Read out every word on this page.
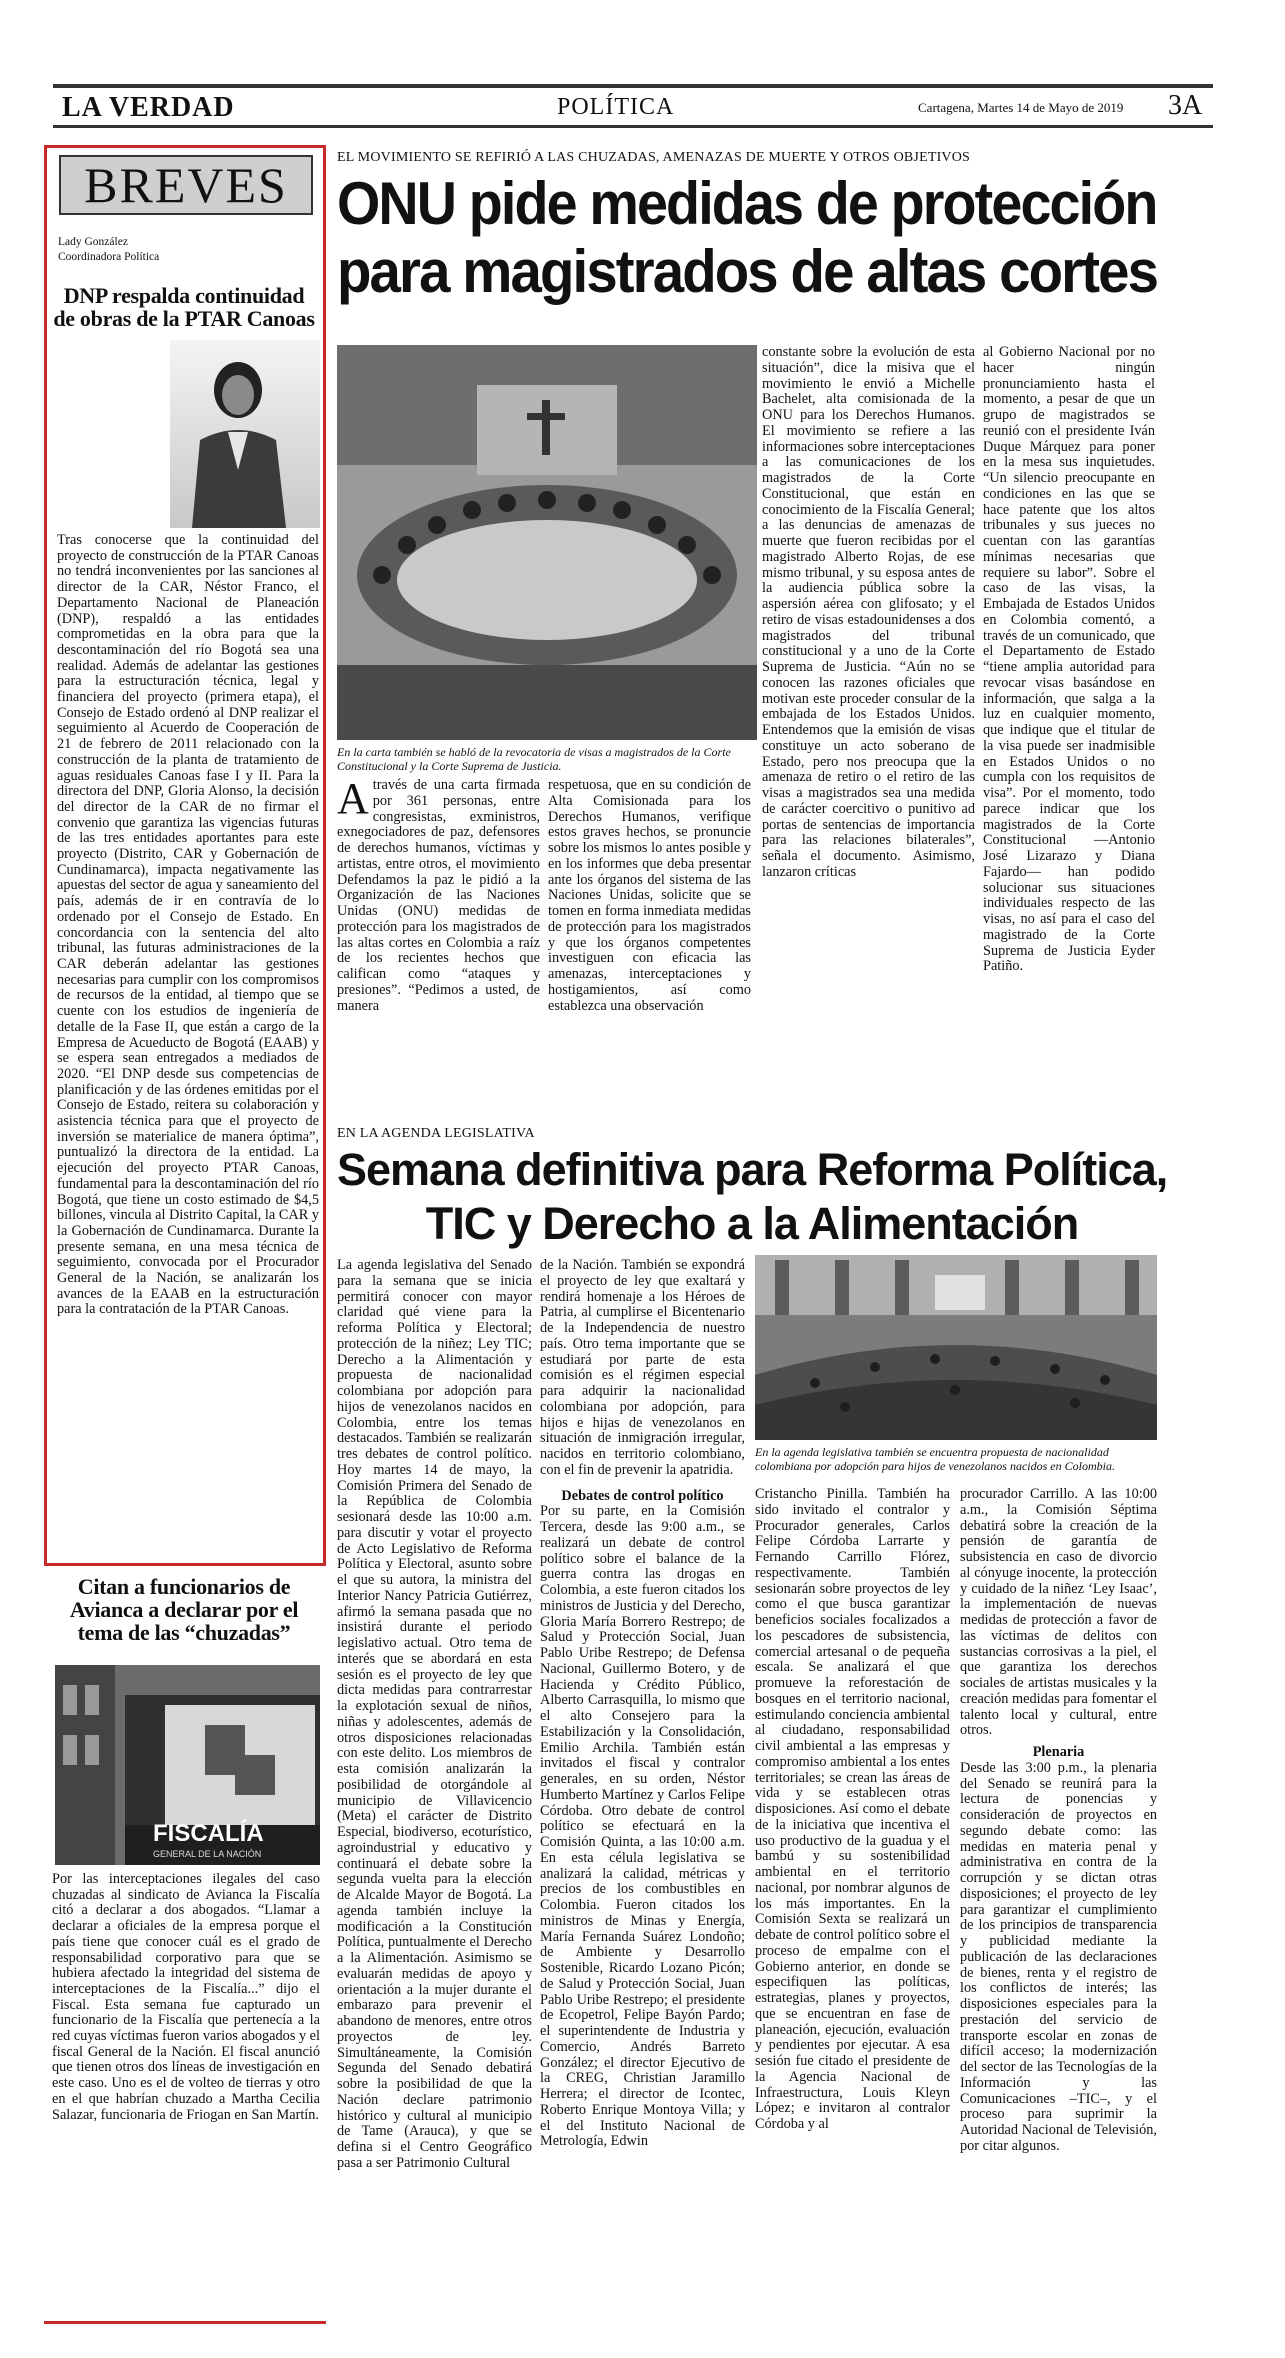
LA VERDAD	POLÍTICA	Cartagena, Martes 14 de Mayo de 2019 3A
BREVES
Lady González
Coordinadora Política
DNP respalda continuidad de obras de la PTAR Canoas
Tras conocerse que la continuidad del proyecto de construcción de la PTAR Canoas no tendrá inconvenientes por las sanciones al director de la CAR, Néstor Franco, el Departamento Nacional de Planeación (DNP), respaldó a las entidades comprometidas en la obra para que la descontaminación del río Bogotá sea una realidad. Además de adelantar las gestiones para la estructuración técnica, legal y financiera del proyecto (primera etapa), el Consejo de Estado ordenó al DNP realizar el seguimiento al Acuerdo de Cooperación de 21 de febrero de 2011 relacionado con la construcción de la planta de tratamiento de aguas residuales Canoas fase I y II. Para la directora del DNP, Gloria Alonso, la decisión del director de la CAR de no firmar el convenio que garantiza las vigencias futuras de las tres entidades aportantes para este proyecto (Distrito, CAR y Gobernación de Cundinamarca), impacta negativamente las apuestas del sector de agua y saneamiento del país, además de ir en contravía de lo ordenado por el Consejo de Estado. En concordancia con la sentencia del alto tribunal, las futuras administraciones de la CAR deberán adelantar las gestiones necesarias para cumplir con los compromisos de recursos de la entidad, al tiempo que se cuente con los estudios de ingeniería de detalle de la Fase II, que están a cargo de la Empresa de Acueducto de Bogotá (EAAB) y se espera sean entregados a mediados de 2020. “El DNP desde sus competencias de planificación y de las órdenes emitidas por el Consejo de Estado, reitera su colaboración y asistencia técnica para que el proyecto de inversión se materialice de manera óptima”, puntualizó la directora de la entidad. La ejecución del proyecto PTAR Canoas, fundamental para la descontaminación del río Bogotá, que tiene un costo estimado de $4,5 billones, vincula al Distrito Capital, la CAR y la Gobernación de Cundinamarca. Durante la presente semana, en una mesa técnica de seguimiento, convocada por el Procurador General de la Nación, se analizarán los avances de la EAAB en la estructuración para la contratación de la PTAR Canoas.
Citan a funcionarios de Avianca a declarar por el tema de las “chuzadas”
FISCALÍA
GENERAL DE LA NACIÓN
Por las interceptaciones ilegales del caso chuzadas al sindicato de Avianca la Fiscalía citó a declarar a dos abogados. “Llamar a declarar a oficiales de la empresa porque el país tiene que conocer cuál es el grado de responsabilidad corporativo para que se hubiera afectado la integridad del sistema de interceptaciones de la Fiscalía...” dijo el Fiscal. Esta semana fue capturado un funcionario de la Fiscalía que pertenecía a la red cuyas víctimas fueron varios abogados y el fiscal General de la Nación. El fiscal anunció que tienen otros dos líneas de investigación en este caso. Uno es el de volteo de tierras y otro en el que habrían chuzado a Martha Cecilia Salazar, funcionaria de Friogan en San Martín.
EL MOVIMIENTO SE REFIRIÓ A LAS CHUZADAS, AMENAZAS DE MUERTE Y OTROS OBJETIVOS
ONU pide medidas de protección
para magistrados de altas cortes
En la carta también se habló de la revocatoria de visas a magistrados de la Corte Constitucional y la Corte Suprema de Justicia.
Através de una carta firmada por 361 personas, entre congresistas, exministros, exnegociadores de paz, defensores de derechos humanos, víctimas y artistas, entre otros, el movimiento Defendamos la paz le pidió a la Organización de las Naciones Unidas (ONU) medidas de protección para los magistrados de las altas cortes en Colombia a raíz de los recientes hechos que califican como “ataques y presiones”. “Pedimos a usted, de manera
respetuosa, que en su condición de Alta Comisionada para los Derechos Humanos, verifique estos graves hechos, se pronuncie sobre los mismos lo antes posible y en los informes que deba presentar ante los órganos del sistema de las Naciones Unidas, solicite que se tomen en forma inmediata medidas de protección para los magistrados y que los órganos competentes investiguen con eficacia las amenazas, interceptaciones y hostigamientos, así como establezca una observación
constante sobre la evolución de esta situación”, dice la misiva que el movimiento le envió a Michelle Bachelet, alta comisionada de la ONU para los Derechos Humanos. El movimiento se refiere a las informaciones sobre interceptaciones a las comunicaciones de los magistrados de la Corte Constitucional, que están en conocimiento de la Fiscalía General; a las denuncias de amenazas de muerte que fueron recibidas por el magistrado Alberto Rojas, de ese mismo tribunal, y su esposa antes de la audiencia pública sobre la aspersión aérea con glifosato; y el retiro de visas estadounidenses a dos magistrados del tribunal constitucional y a uno de la Corte Suprema de Justicia. “Aún no se conocen las razones oficiales que motivan este proceder consular de la embajada de los Estados Unidos. Entendemos que la emisión de visas constituye un acto soberano de Estado, pero nos preocupa que la amenaza de retiro o el retiro de las visas a magistrados sea una medida de carácter coercitivo o punitivo ad portas de sentencias de importancia para las relaciones bilaterales”, señala el documento. Asimismo, lanzaron críticas
al Gobierno Nacional por no hacer ningún pronunciamiento hasta el momento, a pesar de que un grupo de magistrados se reunió con el presidente Iván Duque Márquez para poner en la mesa sus inquietudes. “Un silencio preocupante en condiciones en las que se hace patente que los altos tribunales y sus jueces no cuentan con las garantías mínimas necesarias que requiere su labor”. Sobre el caso de las visas, la Embajada de Estados Unidos en Colombia comentó, a través de un comunicado, que el Departamento de Estado “tiene amplia autoridad para revocar visas basándose en información, que salga a la luz en cualquier momento, que indique que el titular de la visa puede ser inadmisible en Estados Unidos o no cumpla con los requisitos de visa”. Por el momento, todo parece indicar que los magistrados de la Corte Constitucional —Antonio José Lizarazo y Diana Fajardo— han podido solucionar sus situaciones individuales respecto de las visas, no así para el caso del magistrado de la Corte Suprema de Justicia Eyder Patiño.
EN LA AGENDA LEGISLATIVA
Semana definitiva para Reforma Política,
TIC y Derecho a la Alimentación
En la agenda legislativa también se encuentra propuesta de nacionalidad colombiana por adopción para hijos de venezolanos nacidos en Colombia.
La agenda legislativa del Senado para la semana que se inicia permitirá conocer con mayor claridad qué viene para la reforma Política y Electoral; protección de la niñez; Ley TIC; Derecho a la Alimentación y propuesta de nacionalidad colombiana por adopción para hijos de venezolanos nacidos en Colombia, entre los temas destacados. También se realizarán tres debates de control político. Hoy martes 14 de mayo, la Comisión Primera del Senado de la República de Colombia sesionará desde las 10:00 a.m. para discutir y votar el proyecto de Acto Legislativo de Reforma Política y Electoral, asunto sobre el que su autora, la ministra del Interior Nancy Patricia Gutiérrez, afirmó la semana pasada que no insistirá durante el periodo legislativo actual. Otro tema de interés que se abordará en esta sesión es el proyecto de ley que dicta medidas para contrarrestar la explotación sexual de niños, niñas y adolescentes, además de otros disposiciones relacionadas con este delito. Los miembros de esta comisión analizarán la posibilidad de otorgándole al municipio de Villavicencio (Meta) el carácter de Distrito Especial, biodiverso, ecoturístico, agroindustrial y educativo y continuará el debate sobre la segunda vuelta para la elección de Alcalde Mayor de Bogotá. La agenda también incluye la modificación a la Constitución Política, puntualmente el Derecho a la Alimentación. Asimismo se evaluarán medidas de apoyo y orientación a la mujer durante el embarazo para prevenir el abandono de menores, entre otros proyectos de ley. Simultáneamente, la Comisión Segunda del Senado debatirá sobre la posibilidad de que la Nación declare patrimonio histórico y cultural al municipio de Tame (Arauca), y que se defina si el Centro Geográfico pasa a ser Patrimonio Cultural

de la Nación. También se expondrá el proyecto de ley que exaltará y rendirá homenaje a los Héroes de Patria, al cumplirse el Bicentenario de la Independencia de nuestro país. Otro tema importante que se estudiará por parte de esta comisión es el régimen especial para adquirir la nacionalidad colombiana por adopción, para hijos e hijas de venezolanos en situación de inmigración irregular, nacidos en territorio colombiano, con el fin de prevenir la apatridia.

Debates de control político

Por su parte, en la Comisión Tercera, desde las 9:00 a.m., se realizará un debate de control político sobre el balance de la guerra contra las drogas en Colombia, a este fueron citados los ministros de Justicia y del Derecho, Gloria María Borrero Restrepo; de Salud y Protección Social, Juan Pablo Uribe Restrepo; de Defensa Nacional, Guillermo Botero, y de Hacienda y Crédito Público, Alberto Carrasquilla, lo mismo que el alto Consejero para la Estabilización y la Consolidación, Emilio Archila. También están invitados el fiscal y contralor generales, en su orden, Néstor Humberto Martínez y Carlos Felipe Córdoba. Otro debate de control político se efectuará en la Comisión Quinta, a las 10:00 a.m. En esta célula legislativa se analizará la calidad, métricas y precios de los combustibles en Colombia. Fueron citados los ministros de Minas y Energía, María Fernanda Suárez Londoño; de Ambiente y Desarrollo Sostenible, Ricardo Lozano Picón; de Salud y Protección Social, Juan Pablo Uribe Restrepo; el presidente de Ecopetrol, Felipe Bayón Pardo; el superintendente de Industria y Comercio, Andrés Barreto González; el director Ejecutivo de la CREG, Christian Jaramillo Herrera; el director de Icontec, Roberto Enrique Montoya Villa; y el del Instituto Nacional de Metrología, Edwin

Cristancho Pinilla. También ha sido invitado el contralor y Procurador generales, Carlos Felipe Córdoba Larrarte y Fernando Carrillo Flórez, respectivamente. También sesionarán sobre proyectos de ley como el que busca garantizar beneficios sociales focalizados a los pescadores de subsistencia, comercial artesanal o de pequeña escala. Se analizará el que promueve la reforestación de bosques en el territorio nacional, estimulando conciencia ambiental al ciudadano, responsabilidad civil ambiental a las empresas y compromiso ambiental a los entes territoriales; se crean las áreas de vida y se establecen otras disposiciones. Así como el debate de la iniciativa que incentiva el uso productivo de la guadua y el bambú y su sostenibilidad ambiental en el territorio nacional, por nombrar algunos de los más importantes. En la Comisión Sexta se realizará un debate de control político sobre el proceso de empalme con el Gobierno anterior, en donde se especifiquen las políticas, estrategias, planes y proyectos, que se encuentran en fase de planeación, ejecución, evaluación y pendientes por ejecutar. A esa sesión fue citado el presidente de la Agencia Nacional de Infraestructura, Louis Kleyn López; e invitaron al contralor Córdoba y al

procurador Carrillo. A las 10:00 a.m., la Comisión Séptima debatirá sobre la creación de la pensión de garantía de subsistencia en caso de divorcio al cónyuge inocente, la protección y cuidado de la niñez ‘Ley Isaac’, la implementación de nuevas medidas de protección a favor de las víctimas de delitos con sustancias corrosivas a la piel, el que garantiza los derechos sociales de artistas musicales y la creación medidas para fomentar el talento local y cultural, entre otros.

Plenaria

Desde las 3:00 p.m., la plenaria del Senado se reunirá para la lectura de ponencias y consideración de proyectos en segundo debate como: las medidas en materia penal y administrativa en contra de la corrupción y se dictan otras disposiciones; el proyecto de ley para garantizar el cumplimiento de los principios de transparencia y publicidad mediante la publicación de las declaraciones de bienes, renta y el registro de los conflictos de interés; las disposiciones especiales para la prestación del servicio de transporte escolar en zonas de difícil acceso; la modernización del sector de las Tecnologías de la Información y las Comunicaciones –TIC–, y el proceso para suprimir la Autoridad Nacional de Televisión, por citar algunos.
